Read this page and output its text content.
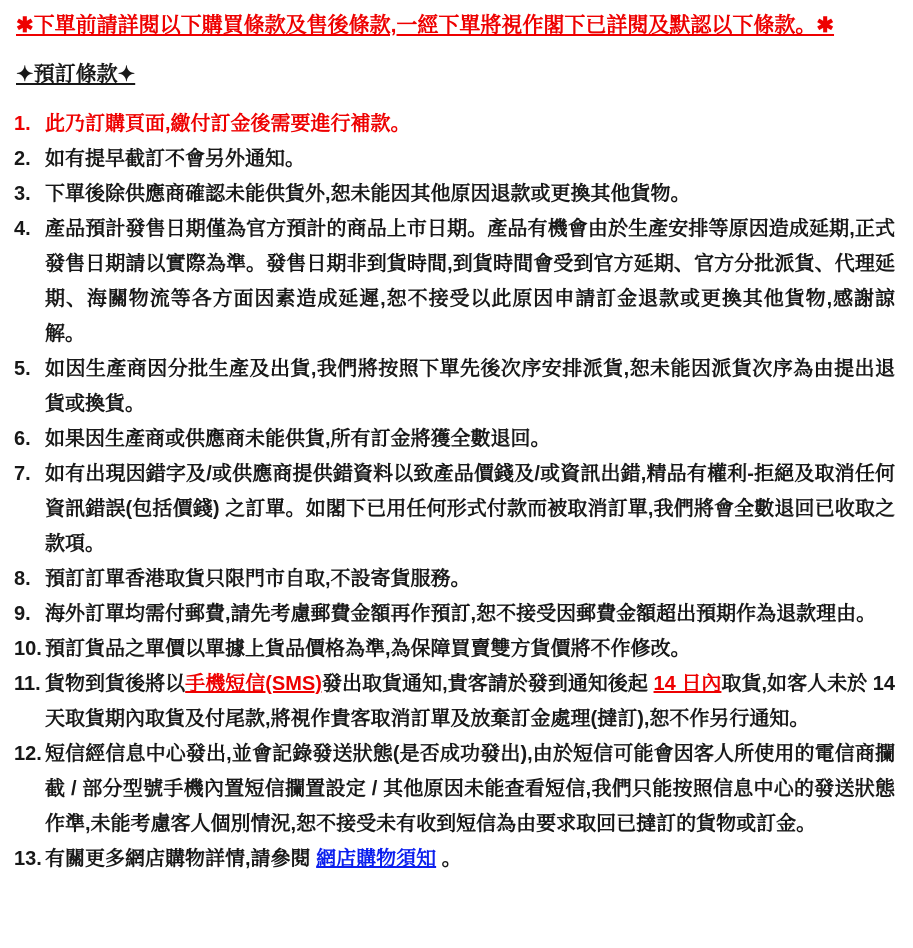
✱下單前請詳閱以下購買條款及售後條款,一經下單將視作閣下已詳閱及默認以下條款。✱
✦預訂條款✦
1. 此乃訂購頁面,繳付訂金後需要進行補款。
2. 如有提早截訂不會另外通知。
3. 下單後除供應商確認未能供貨外,恕未能因其他原因退款或更換其他貨物。
4. 產品預計發售日期僅為官方預計的商品上市日期。產品有機會由於生產安排等原因造成延期,正式發售日期請以實際為準。發售日期非到貨時間,到貨時間會受到官方延期、官方分批派貨、代理延期、海關物流等各方面因素造成延遲,恕不接受以此原因申請訂金退款或更換其他貨物,感謝諒解。
5. 如因生產商因分批生產及出貨,我們將按照下單先後次序安排派貨,恕未能因派貨次序為由提出退貨或換貨。
6. 如果因生產商或供應商未能供貨,所有訂金將獲全數退回。
7. 如有出現因錯字及/或供應商提供錯資料以致產品價錢及/或資訊出錯,精品有權利-拒絕及取消任何資訊錯誤(包括價錢) 之訂單。如閣下已用任何形式付款而被取消訂單,我們將會全數退回已收取之款項。
8. 預訂訂單香港取貨只限門市自取,不設寄貨服務。
9. 海外訂單均需付郵費,請先考慮郵費金額再作預訂,恕不接受因郵費金額超出預期作為退款理由。
10. 預訂貨品之單價以單據上貨品價格為準,為保障買賣雙方貨價將不作修改。
11. 貨物到貨後將以手機短信(SMS)發出取貨通知,貴客請於發到通知後起 14 日內取貨,如客人未於 14 天取貨期內取貨及付尾款,將視作貴客取消訂單及放棄訂金處理(撻訂),恕不作另行通知。
12. 短信經信息中心發出,並會記錄發送狀態(是否成功發出),由於短信可能會因客人所使用的電信商攔截 / 部分型號手機內置短信攔置設定 / 其他原因未能查看短信,我們只能按照信息中心的發送狀態作準,未能考慮客人個別情況,恕不接受未有收到短信為由要求取回已撻訂的貨物或訂金。
13. 有關更多網店購物詳情,請參閱 網店購物須知 。
